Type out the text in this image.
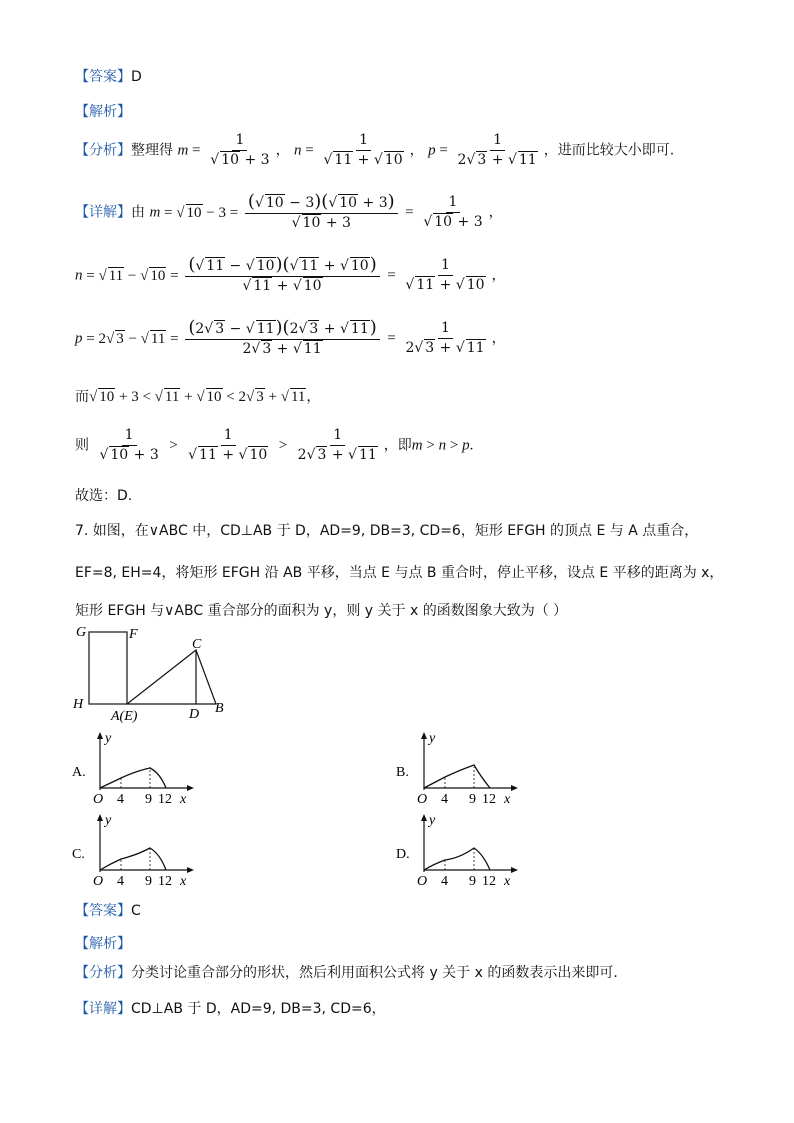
【答案】D
【解析】
【分析】整理得 m = 1
√ 10 + 3 ， n = 1
√ 11 + √ 10 ， $p = \frac{1}{2 √ 3 + √ 11}$ ，进而比较大小即可.
【详解】由 m = √ 10 − 3 = ( √ 10 − 3)( √ 10 + 3)
√ 10 + 3 = 1
√ 10 + 3 ，
n = √ 11 − √ 10 = ( √ 11 − √ 10)( √ 11 + √ 10)
√ 11 + √ 10 = 1
√ 11 + √ 10 ，
p = 2 √ 3 − √ $11 = \frac{(2 √ 3 - √ 11)(2 √ 3 + √ 11)}{2 √ 3 + √ 11} = \frac{1}{2 √ 3 + √ 11}$ ，
而 √ 10 + 3 < √ 11 + √ 10 < 2 √ 3 + √ 11，
则 1
√ 10 + 3 > 1
√ 11 + √ $10 > \frac{1}{2 √ 3 + √ 11}$ ，即m > n > p.
故选：D.
7. 如图，在∨ABC 中，CD⊥AB 于 D，AD=9, DB=3, CD=6，矩形 EFGH 的顶点 E 与 A 点重合，
EF=8, EH=4，将矩形 EFGH 沿 AB 平移，当点 E 与点 B 重合时，停止平移，设点 E 平移的距离为 x，
矩形 EFGH 与∨ABC 重合部分的面积为 y，则 y 关于 x 的函数图象大致为（ ）
G	F
C
H
A(E)	D B
A.
y
O 4 9 12 x
B.
y
O 4 9 12 x
C.
y
O 4 9 12 x
D.
y
O 4 9 12 x
【答案】C
【解析】
【分析】分类讨论重合部分的形状，然后利用面积公式将 y 关于 x 的函数表示出来即可.
【详解】CD⊥AB 于 D，AD=9, DB=3, CD=6，
